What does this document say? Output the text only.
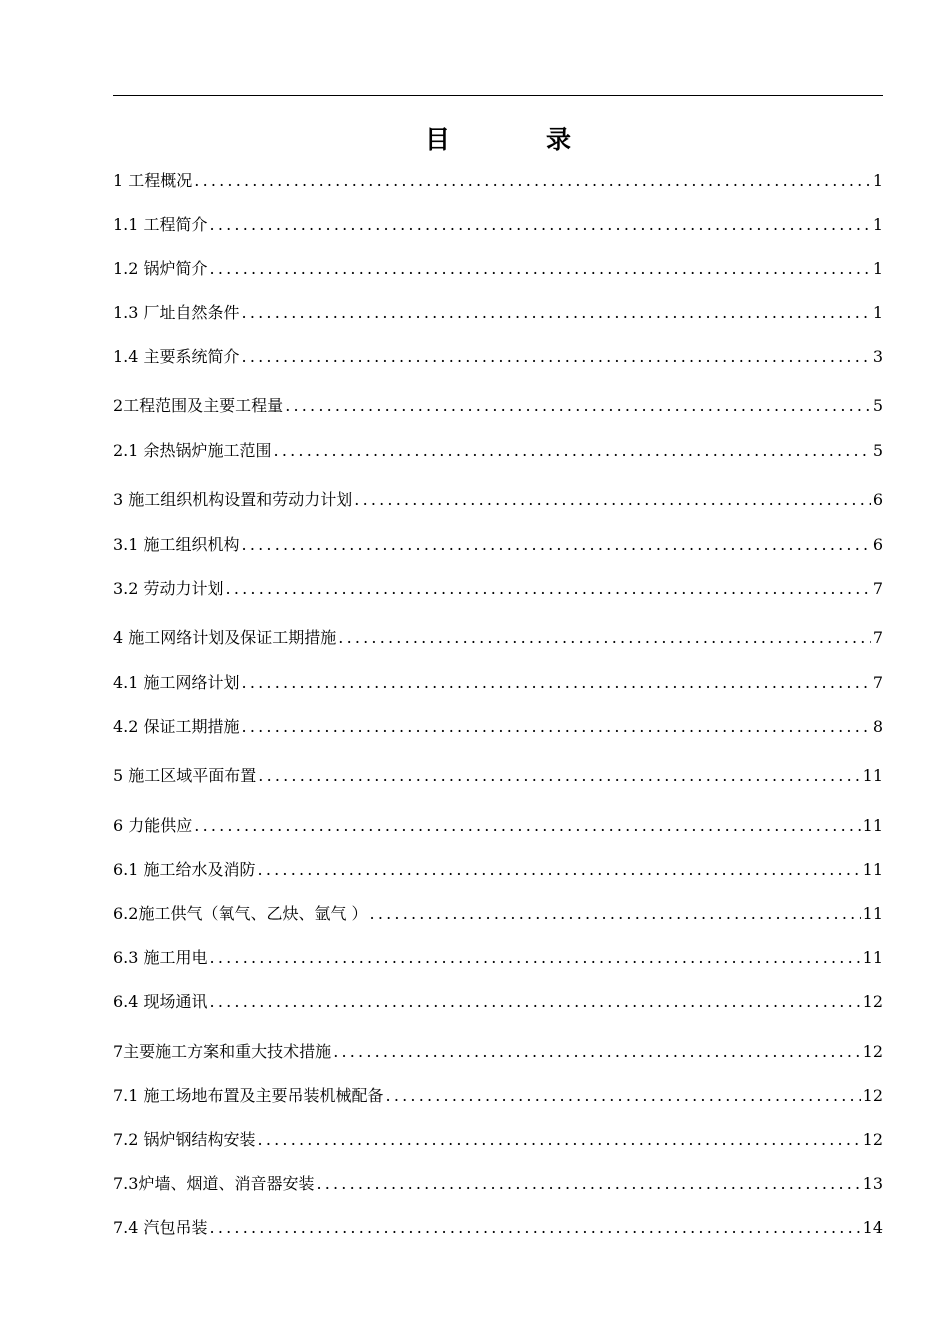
目	录
1 工程概况 .....	1
1.1 工程简介 .....	1
1.2 锅炉简介 .....	1
1.3 厂址自然条件 .....	1
1.4 主要系统简介 .....	3
2工程范围及主要工程量 .....	5
2.1 余热锅炉施工范围 .....	5
3 施工组织机构设置和劳动力计划 .....	6
3.1 施工组织机构 .....	6
3.2 劳动力计划 .....	7
4 施工网络计划及保证工期措施 .....	7
4.1 施工网络计划 .....	7
4.2 保证工期措施 .....	8
5 施工区域平面布置 .....	11
6 力能供应 .....	11
6.1 施工给水及消防 .....	11
6.2施工供气（氧气、乙炔、氩气 ） .....	11
6.3 施工用电 .....	11
6.4 现场通讯 .....	12
7主要施工方案和重大技术措施 .....	12
7.1 施工场地布置及主要吊装机械配备 .....	12
7.2 锅炉钢结构安装 .....	12
7.3炉墙、烟道、消音器安装 .....	13
7.4 汽包吊装 .....	14
